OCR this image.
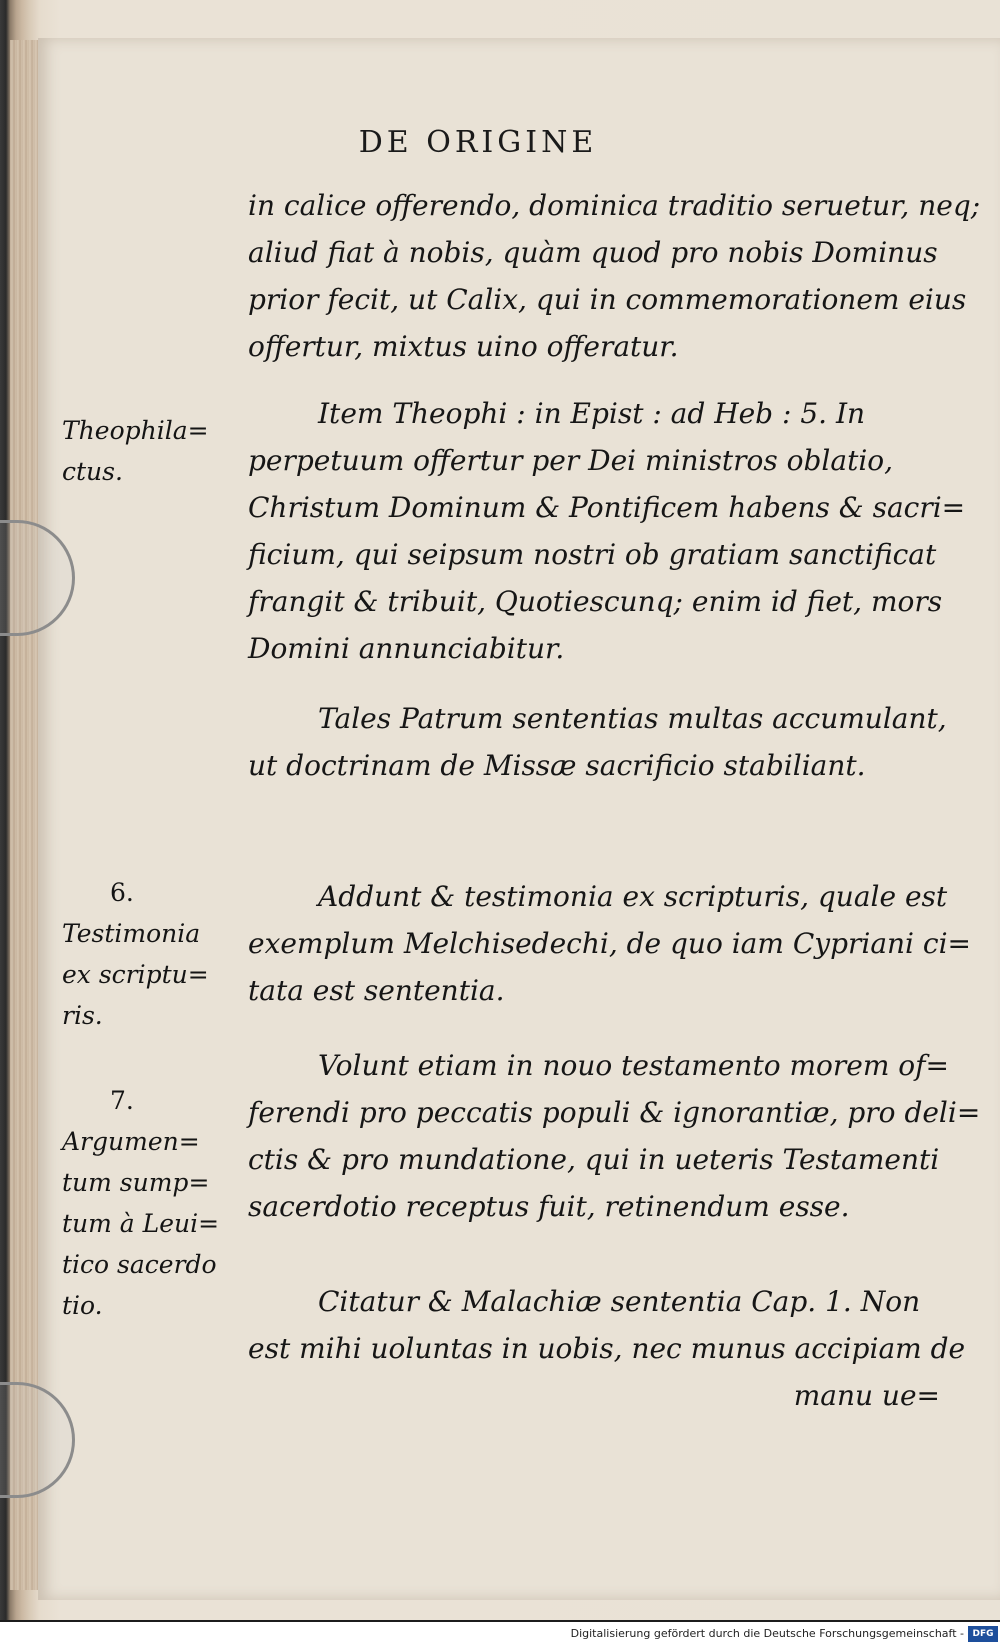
DE ORIGINE
in calice offerendo, dominica traditio seruetur, neq;
aliud fiat à nobis, quàm quod pro nobis Dominus
prior fecit, ut Calix, qui in commemorationem eius
offertur, mixtus uino offeratur.
Item Theophi : in Epist : ad Heb : 5. In
perpetuum offertur per Dei ministros oblatio,
Christum Dominum & Pontificem habens & sacri=
ficium, qui seipsum nostri ob gratiam sanctificat
frangit & tribuit, Quotiescunq; enim id fiet, mors
Domini annunciabitur.
Tales Patrum sententias multas accumulant,
ut doctrinam de Missæ sacrificio stabiliant.
Addunt & testimonia ex scripturis, quale est
exemplum Melchisedechi, de quo iam Cypriani ci=
tata est sententia.
Volunt etiam in nouo testamento morem of=
ferendi pro peccatis populi & ignorantiæ, pro deli=
ctis & pro mundatione, qui in ueteris Testamenti
sacerdotio receptus fuit, retinendum esse.
Citatur & Malachiæ sententia Cap. 1. Non
est mihi uoluntas in uobis, nec munus accipiam de
manu ue=
Theophila=
ctus.
6.
Testimonia
ex scriptu=
ris.
7.
Argumen=
tum sump=
tum à Leui=
tico sacerdo
tio.
Digitalisierung gefördert durch die Deutsche Forschungsgemeinschaft - DFG
